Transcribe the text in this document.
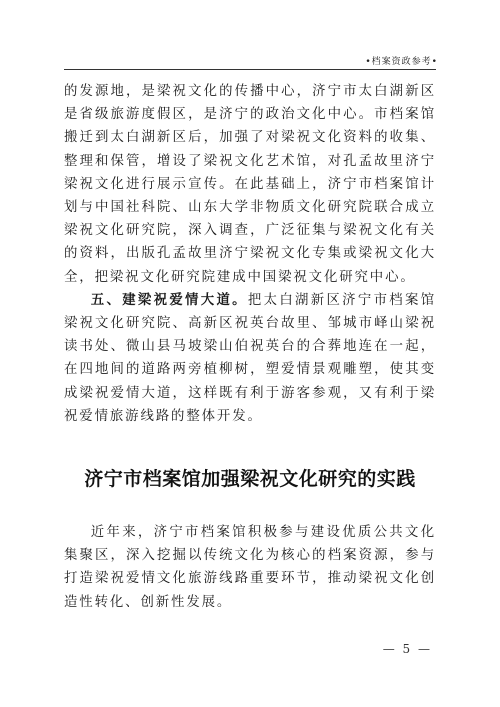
•档案资政参考•

的发源地，是梁祝文化的传播中心，济宁市太白湖新区是省级旅游度假区，是济宁的政治文化中心。市档案馆搬迁到太白湖新区后，加强了对梁祝文化资料的收集、整理和保管，增设了梁祝文化艺术馆，对孔孟故里济宁梁祝文化进行展示宣传。在此基础上，济宁市档案馆计划与中国社科院、山东大学非物质文化研究院联合成立梁祝文化研究院，深入调查，广泛征集与梁祝文化有关的资料，出版孔孟故里济宁梁祝文化专集或梁祝文化大全，把梁祝文化研究院建成中国梁祝文化研究中心。

五、建梁祝爱情大道。把太白湖新区济宁市档案馆梁祝文化研究院、高新区祝英台故里、邹城市峄山梁祝读书处、微山县马坡梁山伯祝英台的合葬地连在一起，在四地间的道路两旁植柳树，塑爱情景观雕塑，使其变成梁祝爱情大道，这样既有利于游客参观，又有利于梁祝爱情旅游线路的整体开发。

济宁市档案馆加强梁祝文化研究的实践

近年来，济宁市档案馆积极参与建设优质公共文化集聚区，深入挖掘以传统文化为核心的档案资源，参与打造梁祝爱情文化旅游线路重要环节，推动梁祝文化创造性转化、创新性发展。

— 5 —
